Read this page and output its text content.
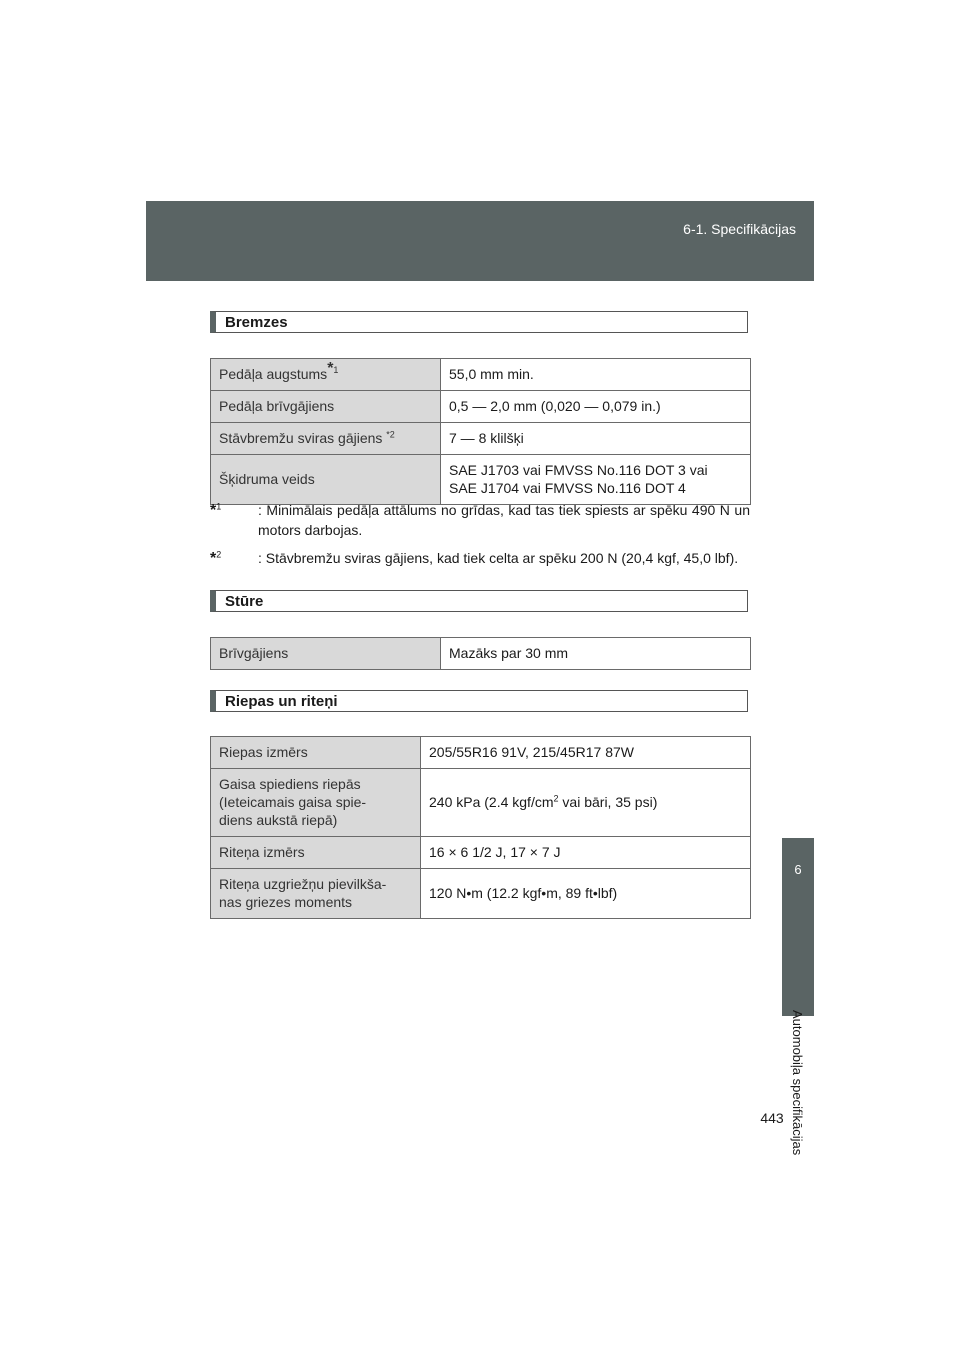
6-1. Specifikācijas
6
Automobiļa specifikācijas
443
Bremzes
Pedāļa augstums$^{*1}$	55,0 mm min.
Pedāļa brīvgājiens	0,5 — 2,0 mm (0,020 — 0,079 in.)
Stāvbremžu sviras gājiens $^{*2}$	7 — 8 klilšķi
Šķidruma veids	SAE J1703 vai FMVSS No.116 DOT 3 vai
SAE J1704 vai FMVSS No.116 DOT 4
*$^1$	: Minimālais pedāļa attālums no grīdas, kad tas tiek spiests ar spēku 490 N un motors darbojas.
*$^2$	: Stāvbremžu sviras gājiens, kad tiek celta ar spēku 200 N (20,4 kgf, 45,0 lbf).
Stūre
Brīvgājiens	Mazāks par 30 mm
Riepas un riteņi
Riepas izmērs	205/55R16 91V, 215/45R17 87W

Gaisa spiediens riepās
(Ieteicamais gaisa spie-
diens aukstā riepā)	240 kPa (2.4 kgf/$cm^2$ vai bāri, 35 psi)
Riteņa izmērs	16 × 6 1/2 J, 17 × 7 J

Riteņa uzgriežņu pievilkša-
nas griezes moments	120 N•m (12.2 kgf•m, 89 ft•lbf)
